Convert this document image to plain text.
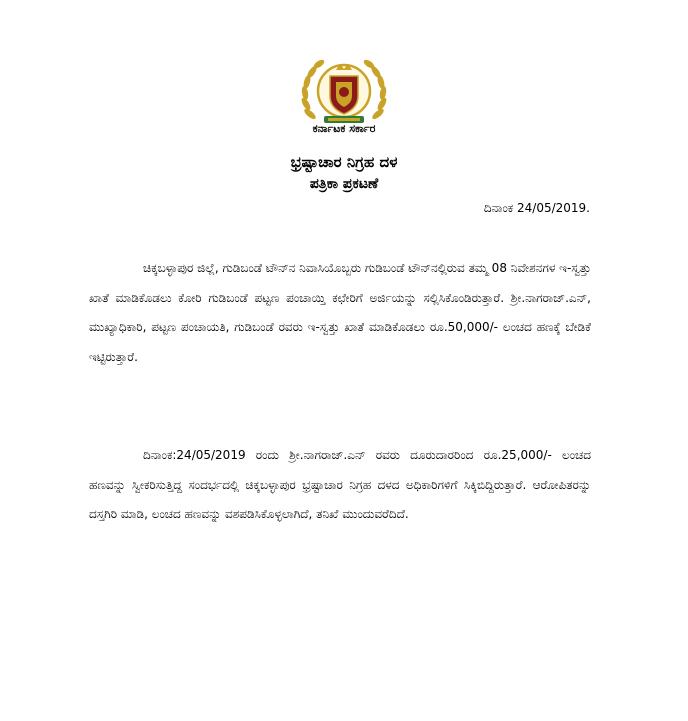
ಕರ್ನಾಟಕ ಸರ್ಕಾರ
ಭ್ರಷ್ಟಾಚಾರ ನಿಗ್ರಹ ದಳ
ಪತ್ರಿಕಾ ಪ್ರಕಟಣೆ
ದಿನಾಂಕ 24/05/2019.

ಚಿಕ್ಕಬಳ್ಳಾಪುರ ಜಿಲ್ಲೆ, ಗುಡಿಬಂಡೆ ಟೌನ್‌ನ ನಿವಾಸಿಯೊಬ್ಬರು ಗುಡಿಬಂಡೆ ಟೌನ್‌ನಲ್ಲಿರುವ ತಮ್ಮ 08 ನಿವೇಶನಗಳ ಇ-ಸ್ವತ್ತು ಖಾತೆ ಮಾಡಿಕೊಡಲು ಕೋರಿ ಗುಡಿಬಂಡೆ ಪಟ್ಟಣ ಪಂಚಾಯ್ತಿ ಕಛೇರಿಗೆ ಅರ್ಜಿಯನ್ನು ಸಲ್ಲಿಸಿಕೊಂಡಿರುತ್ತಾರೆ. ಶ್ರೀ.ನಾಗರಾಜ್.ಎನ್, ಮುಖ್ಯಾಧಿಕಾರಿ, ಪಟ್ಟಣ ಪಂಚಾಯತಿ, ಗುಡಿಬಂಡೆ ರವರು ಇ-ಸ್ವತ್ತು ಖಾತೆ ಮಾಡಿಕೊಡಲು ರೂ.50,000/- ಲಂಚದ ಹಣಕ್ಕೆ ಬೇಡಿಕೆ ಇಟ್ಟಿರುತ್ತಾರೆ.

ದಿನಾಂಕ:24/05/2019 ರಂದು ಶ್ರೀ.ನಾಗರಾಜ್.ಎನ್ ರವರು ದೂರುದಾರರಿಂದ ರೂ.25,000/- ಲಂಚದ ಹಣವನ್ನು ಸ್ವೀಕರಿಸುತ್ತಿದ್ದ ಸಂದರ್ಭದಲ್ಲಿ ಚಿಕ್ಕಬಳ್ಳಾಪುರ ಭ್ರಷ್ಟಾಚಾರ ನಿಗ್ರಹ ದಳದ ಅಧಿಕಾರಿಗಳಿಗೆ ಸಿಕ್ಕಿಬಿದ್ದಿರುತ್ತಾರೆ. ಆರೋಪಿತರನ್ನು ದಸ್ತಗಿರಿ ಮಾಡಿ, ಲಂಚದ ಹಣವನ್ನು ವಶಪಡಿಸಿಕೊಳ್ಳಲಾಗಿದೆ, ತನಿಖೆ ಮುಂದುವರೆದಿದೆ.
